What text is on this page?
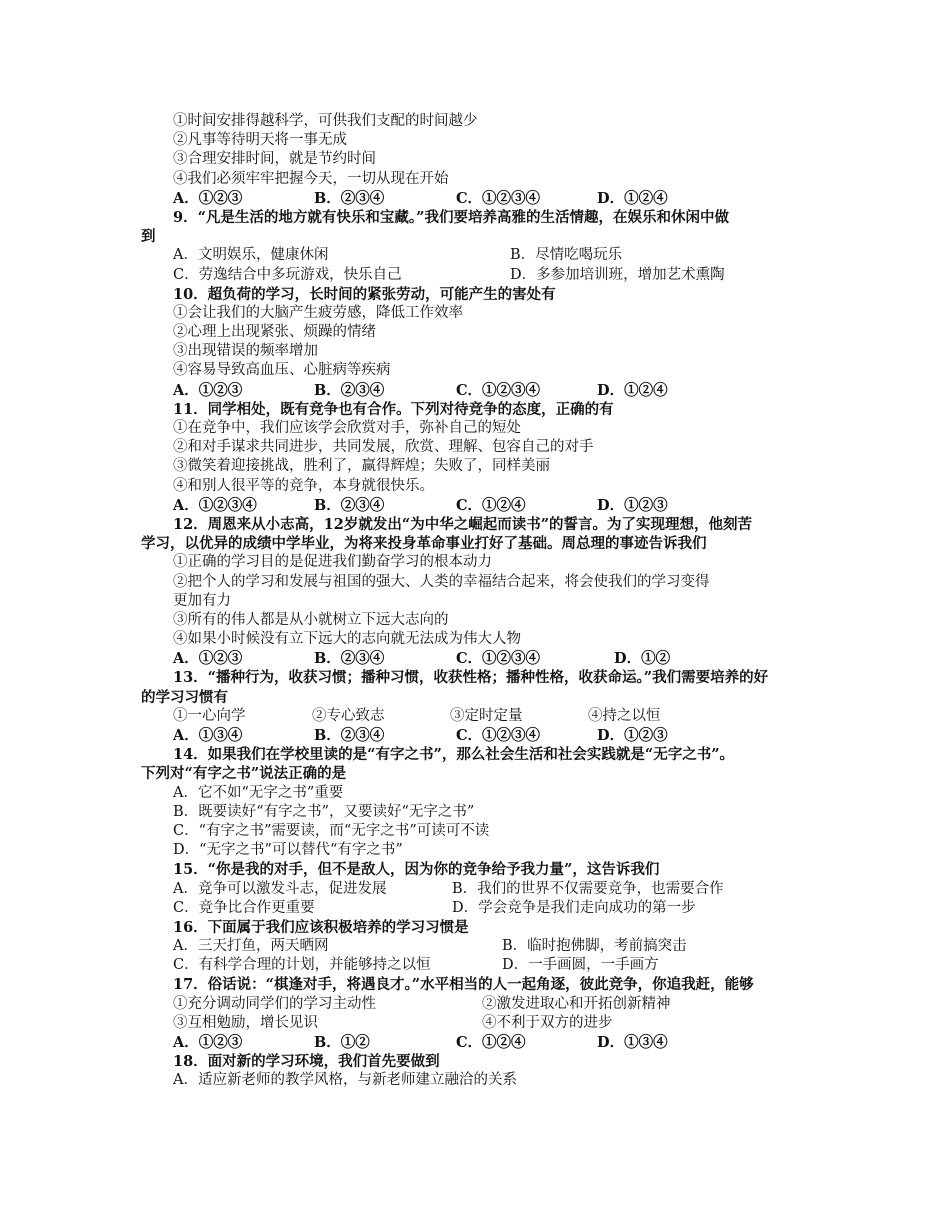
①时间安排得越科学，可供我们支配的时间越少
②凡事等待明天将一事无成
③合理安排时间，就是节约时间
④我们必须牢牢把握今天，一切从现在开始
A．①②③	B．②③④	C．①②③④	D．①②④
9．“凡是生活的地方就有快乐和宝藏。”我们要培养高雅的生活情趣，在娱乐和休闲中做
到
A．文明娱乐，健康休闲	B．尽情吃喝玩乐
C．劳逸结合中多玩游戏，快乐自己	D．多参加培训班，增加艺术熏陶
10．超负荷的学习，长时间的紧张劳动，可能产生的害处有
①会让我们的大脑产生疲劳感，降低工作效率
②心理上出现紧张、烦躁的情绪
③出现错误的频率增加
④容易导致高血压、心脏病等疾病
A．①②③	B．②③④	C．①②③④	D．①②④
11．同学相处，既有竞争也有合作。下列对待竞争的态度，正确的有
①在竞争中，我们应该学会欣赏对手，弥补自己的短处
②和对手谋求共同进步，共同发展，欣赏、理解、包容自己的对手
③微笑着迎接挑战，胜利了，赢得辉煌；失败了，同样美丽
④和别人很平等的竞争，本身就很快乐。
A．①②③④	B．②③④	C．①②④	D．①②③
12．周恩来从小志高，12岁就发出“为中华之崛起而读书”的誓言。为了实现理想，他刻苦
学习，以优异的成绩中学毕业，为将来投身革命事业打好了基础。周总理的事迹告诉我们
①正确的学习目的是促进我们勤奋学习的根本动力
②把个人的学习和发展与祖国的强大、人类的幸福结合起来，将会使我们的学习变得
更加有力
③所有的伟人都是从小就树立下远大志向的
④如果小时候没有立下远大的志向就无法成为伟大人物
A．①②③	B．②③④	C．①②③④	D．①②
13．“播种行为，收获习惯；播种习惯，收获性格；播种性格，收获命运。”我们需要培养的好
的学习习惯有
①一心向学	②专心致志	③定时定量	④持之以恒
A．①③④	B．②③④	C．①②③④	D．①②③
14．如果我们在学校里读的是“有字之书”，那么社会生活和社会实践就是“无字之书”。
下列对“有字之书”说法正确的是
A．它不如“无字之书”重要
B．既要读好“有字之书”，又要读好“无字之书”
C．“有字之书”需要读，而“无字之书”可读可不读
D．“无字之书”可以替代“有字之书”
15．“你是我的对手，但不是敌人，因为你的竞争给予我力量”，这告诉我们
A．竞争可以激发斗志，促进发展	B．我们的世界不仅需要竞争，也需要合作
C．竞争比合作更重要	D．学会竞争是我们走向成功的第一步
16．下面属于我们应该积极培养的学习习惯是
A．三天打鱼，两天晒网	B．临时抱佛脚，考前搞突击
C．有科学合理的计划，并能够持之以恒	D．一手画圆，一手画方
17．俗话说：“棋逢对手，将遇良才。”水平相当的人一起角逐，彼此竞争，你追我赶，能够
①充分调动同学们的学习主动性	②激发进取心和开拓创新精神
③互相勉励，增长见识	④不利于双方的进步
A．①②③	B．①②	C．①②④	D．①③④
18．面对新的学习环境，我们首先要做到
A．适应新老师的教学风格，与新老师建立融洽的关系
